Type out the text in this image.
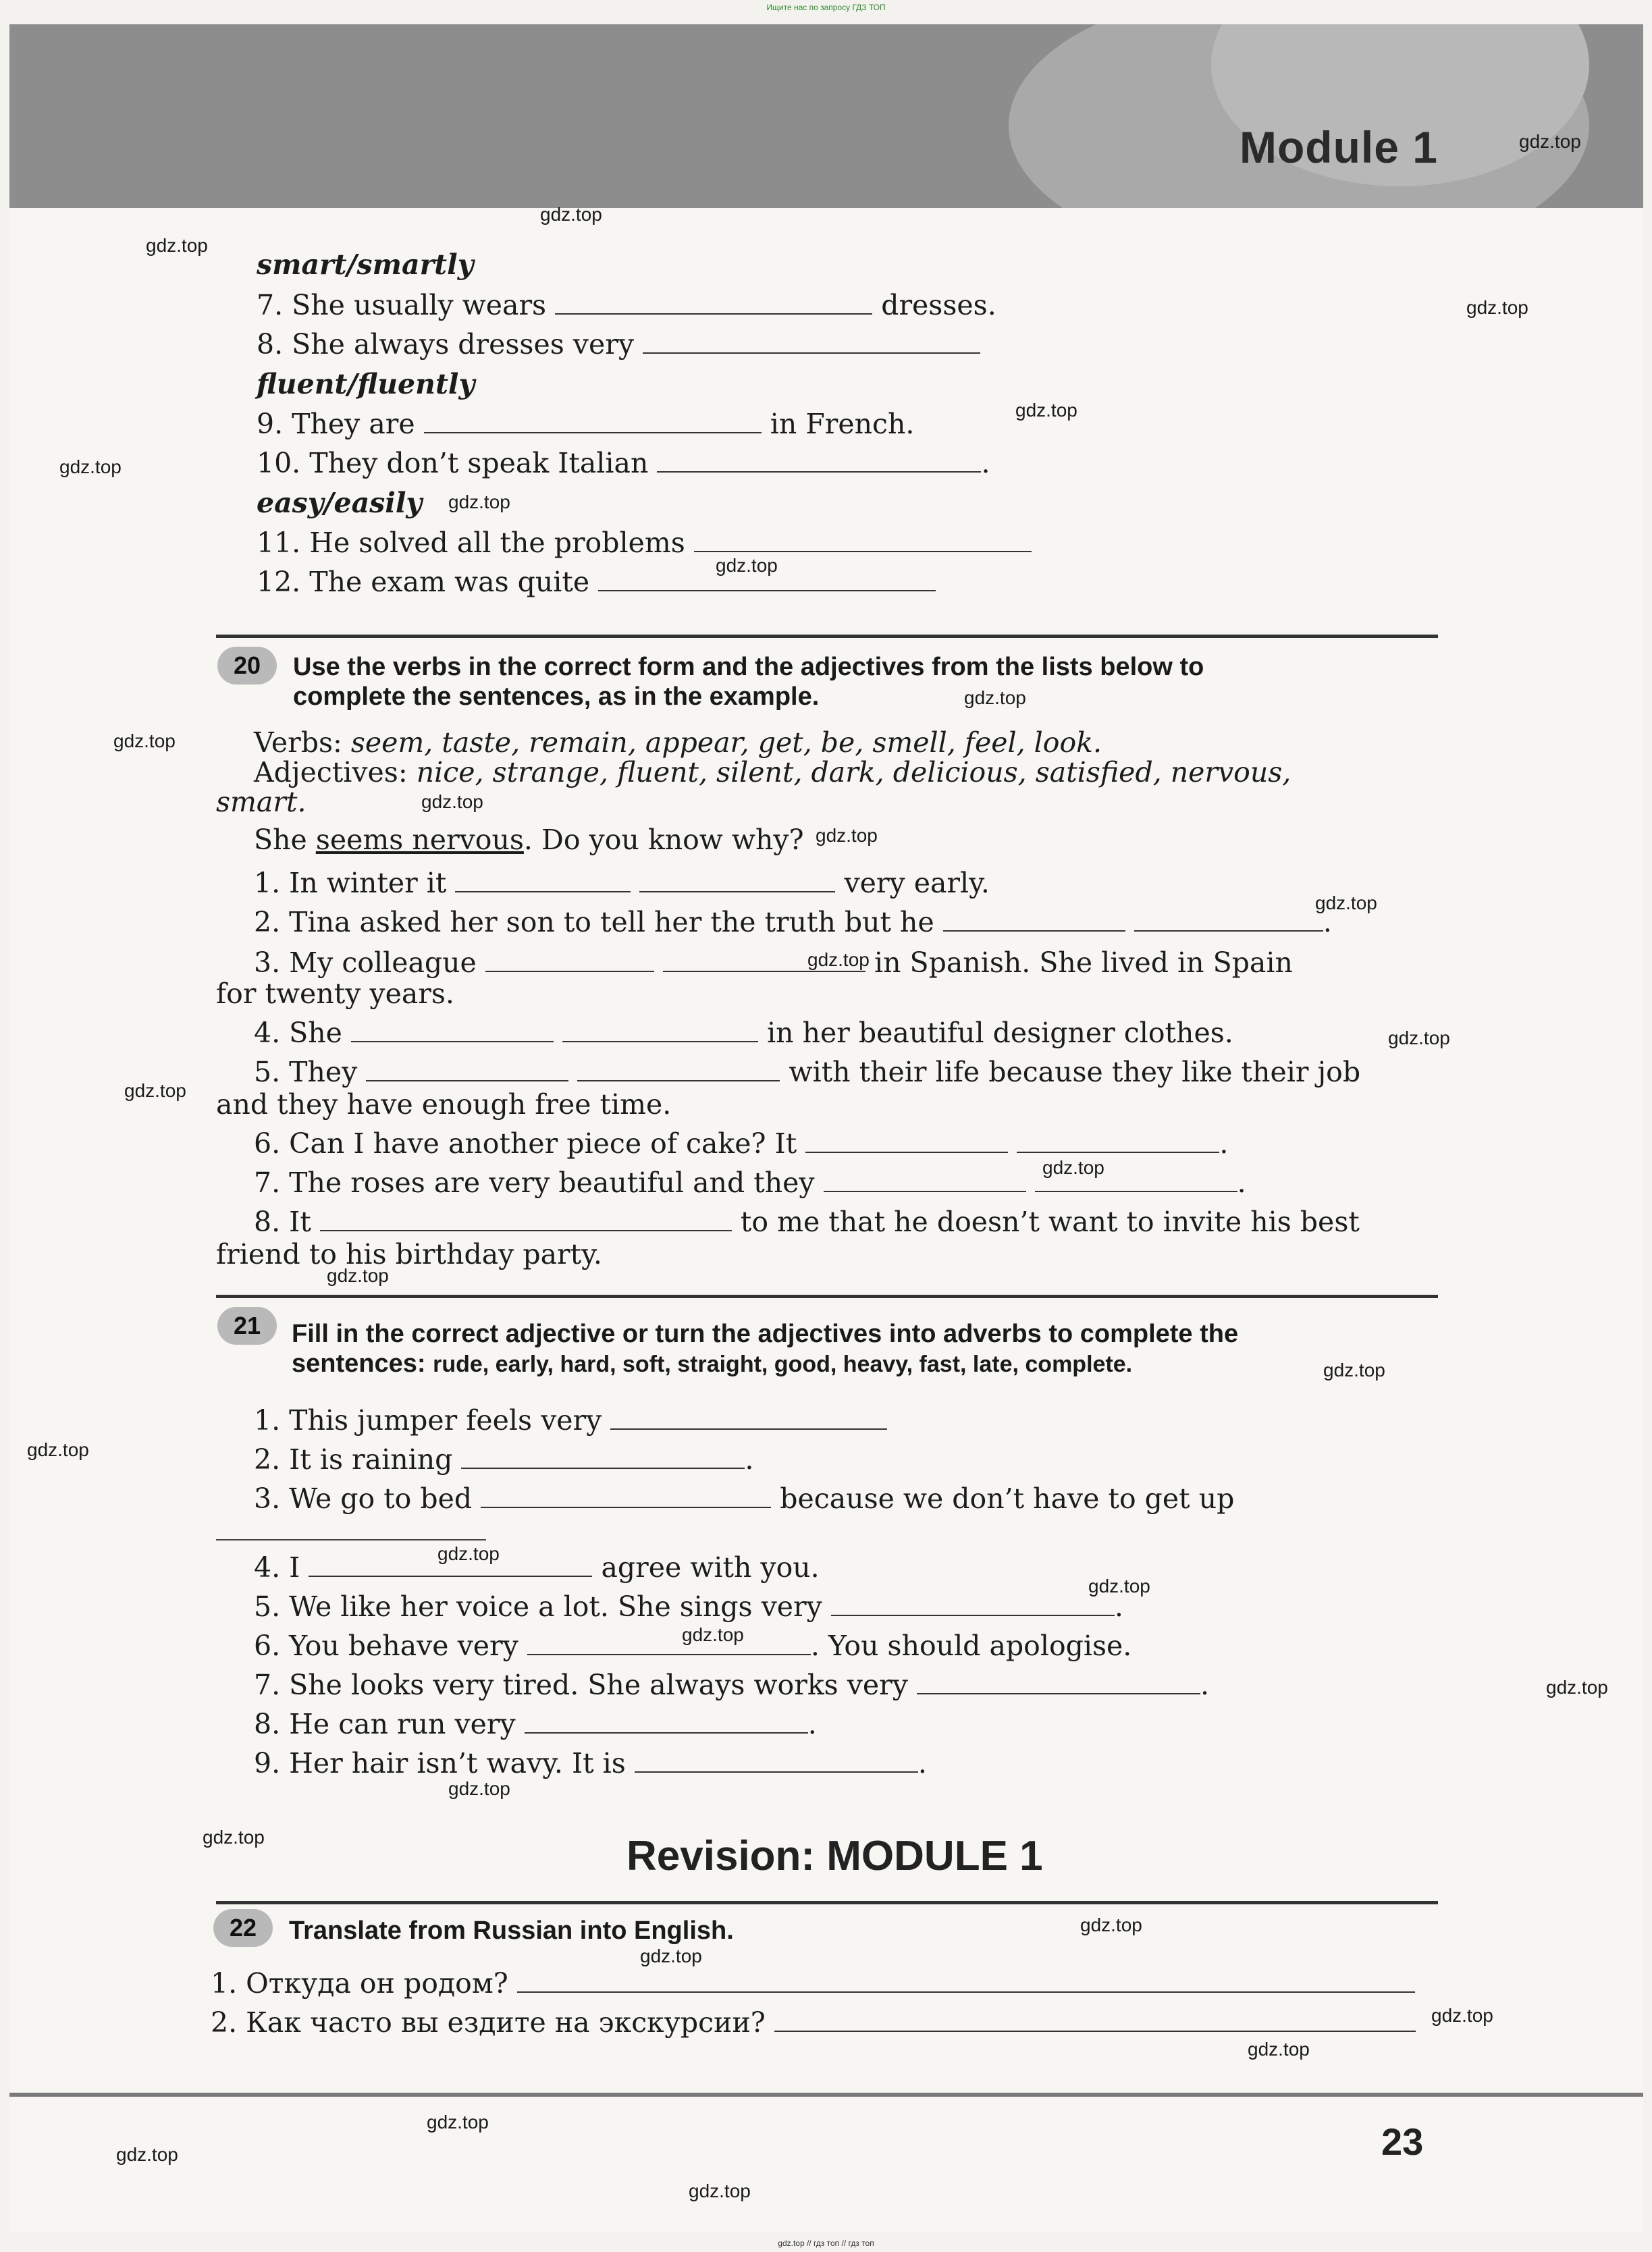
Ищите нас по запросу ГДЗ ТОП
Module 1
smart/smartly
7. She usually wears	dresses.
8. She always dresses very
fluent/fluently
9. They are	in French.
10. They don’t speak Italian	.
easy/easily
11. He solved all the problems
12. The exam was quite
20	Use the verbs in the correct form and the adjectives from the lists below to
complete the sentences, as in the example.
Verbs: seem, taste, remain, appear, get, be, smell, feel, look.
Adjectives: nice, strange, fluent, silent, dark, delicious, satisfied, nervous,
smart.
She seems nervous. Do you know why?
1. In winter it	very early.
2. Tina asked her son to tell her the truth but he	.
3. My colleague	in Spanish. She lived in Spain
for twenty years.
4. She	in her beautiful designer clothes.
5. They	with their life because they like their job
and they have enough free time.
6. Can I have another piece of cake? It	.
7. The roses are very beautiful and they	.
8. It	to me that he doesn’t want to invite his best
friend to his birthday party.
21	Fill in the correct adjective or turn the adjectives into adverbs to complete the
sentences: rude, early, hard, soft, straight, good, heavy, fast, late, complete.
1. This jumper feels very
2. It is raining	.
3. We go to bed	because we don’t have to get up
4. I	agree with you.
5. We like her voice a lot. She sings very	.
6. You behave very	. You should apologise.
7. She looks very tired. She always works very	.
8. He can run very	.
9. Her hair isn’t wavy. It is	.
Revision: MODULE 1
22	Translate from Russian into English.
1. Откуда он родом?
2. Как часто вы ездите на экскурсии?
23
gdz.top
gdz.top
gdz.top
gdz.top
gdz.top
gdz.top
gdz.top
gdz.top
gdz.top
gdz.top
gdz.top
gdz.top
gdz.top
gdz.top
gdz.top
gdz.top
gdz.top
gdz.top
gdz.top
gdz.top
gdz.top
gdz.top
gdz.top
gdz.top
gdz.top
gdz.top
gdz.top
gdz.top
gdz.top
gdz.top
gdz.top
gdz.top
gdz.top
gdz.top // гдз топ // гдз топ
